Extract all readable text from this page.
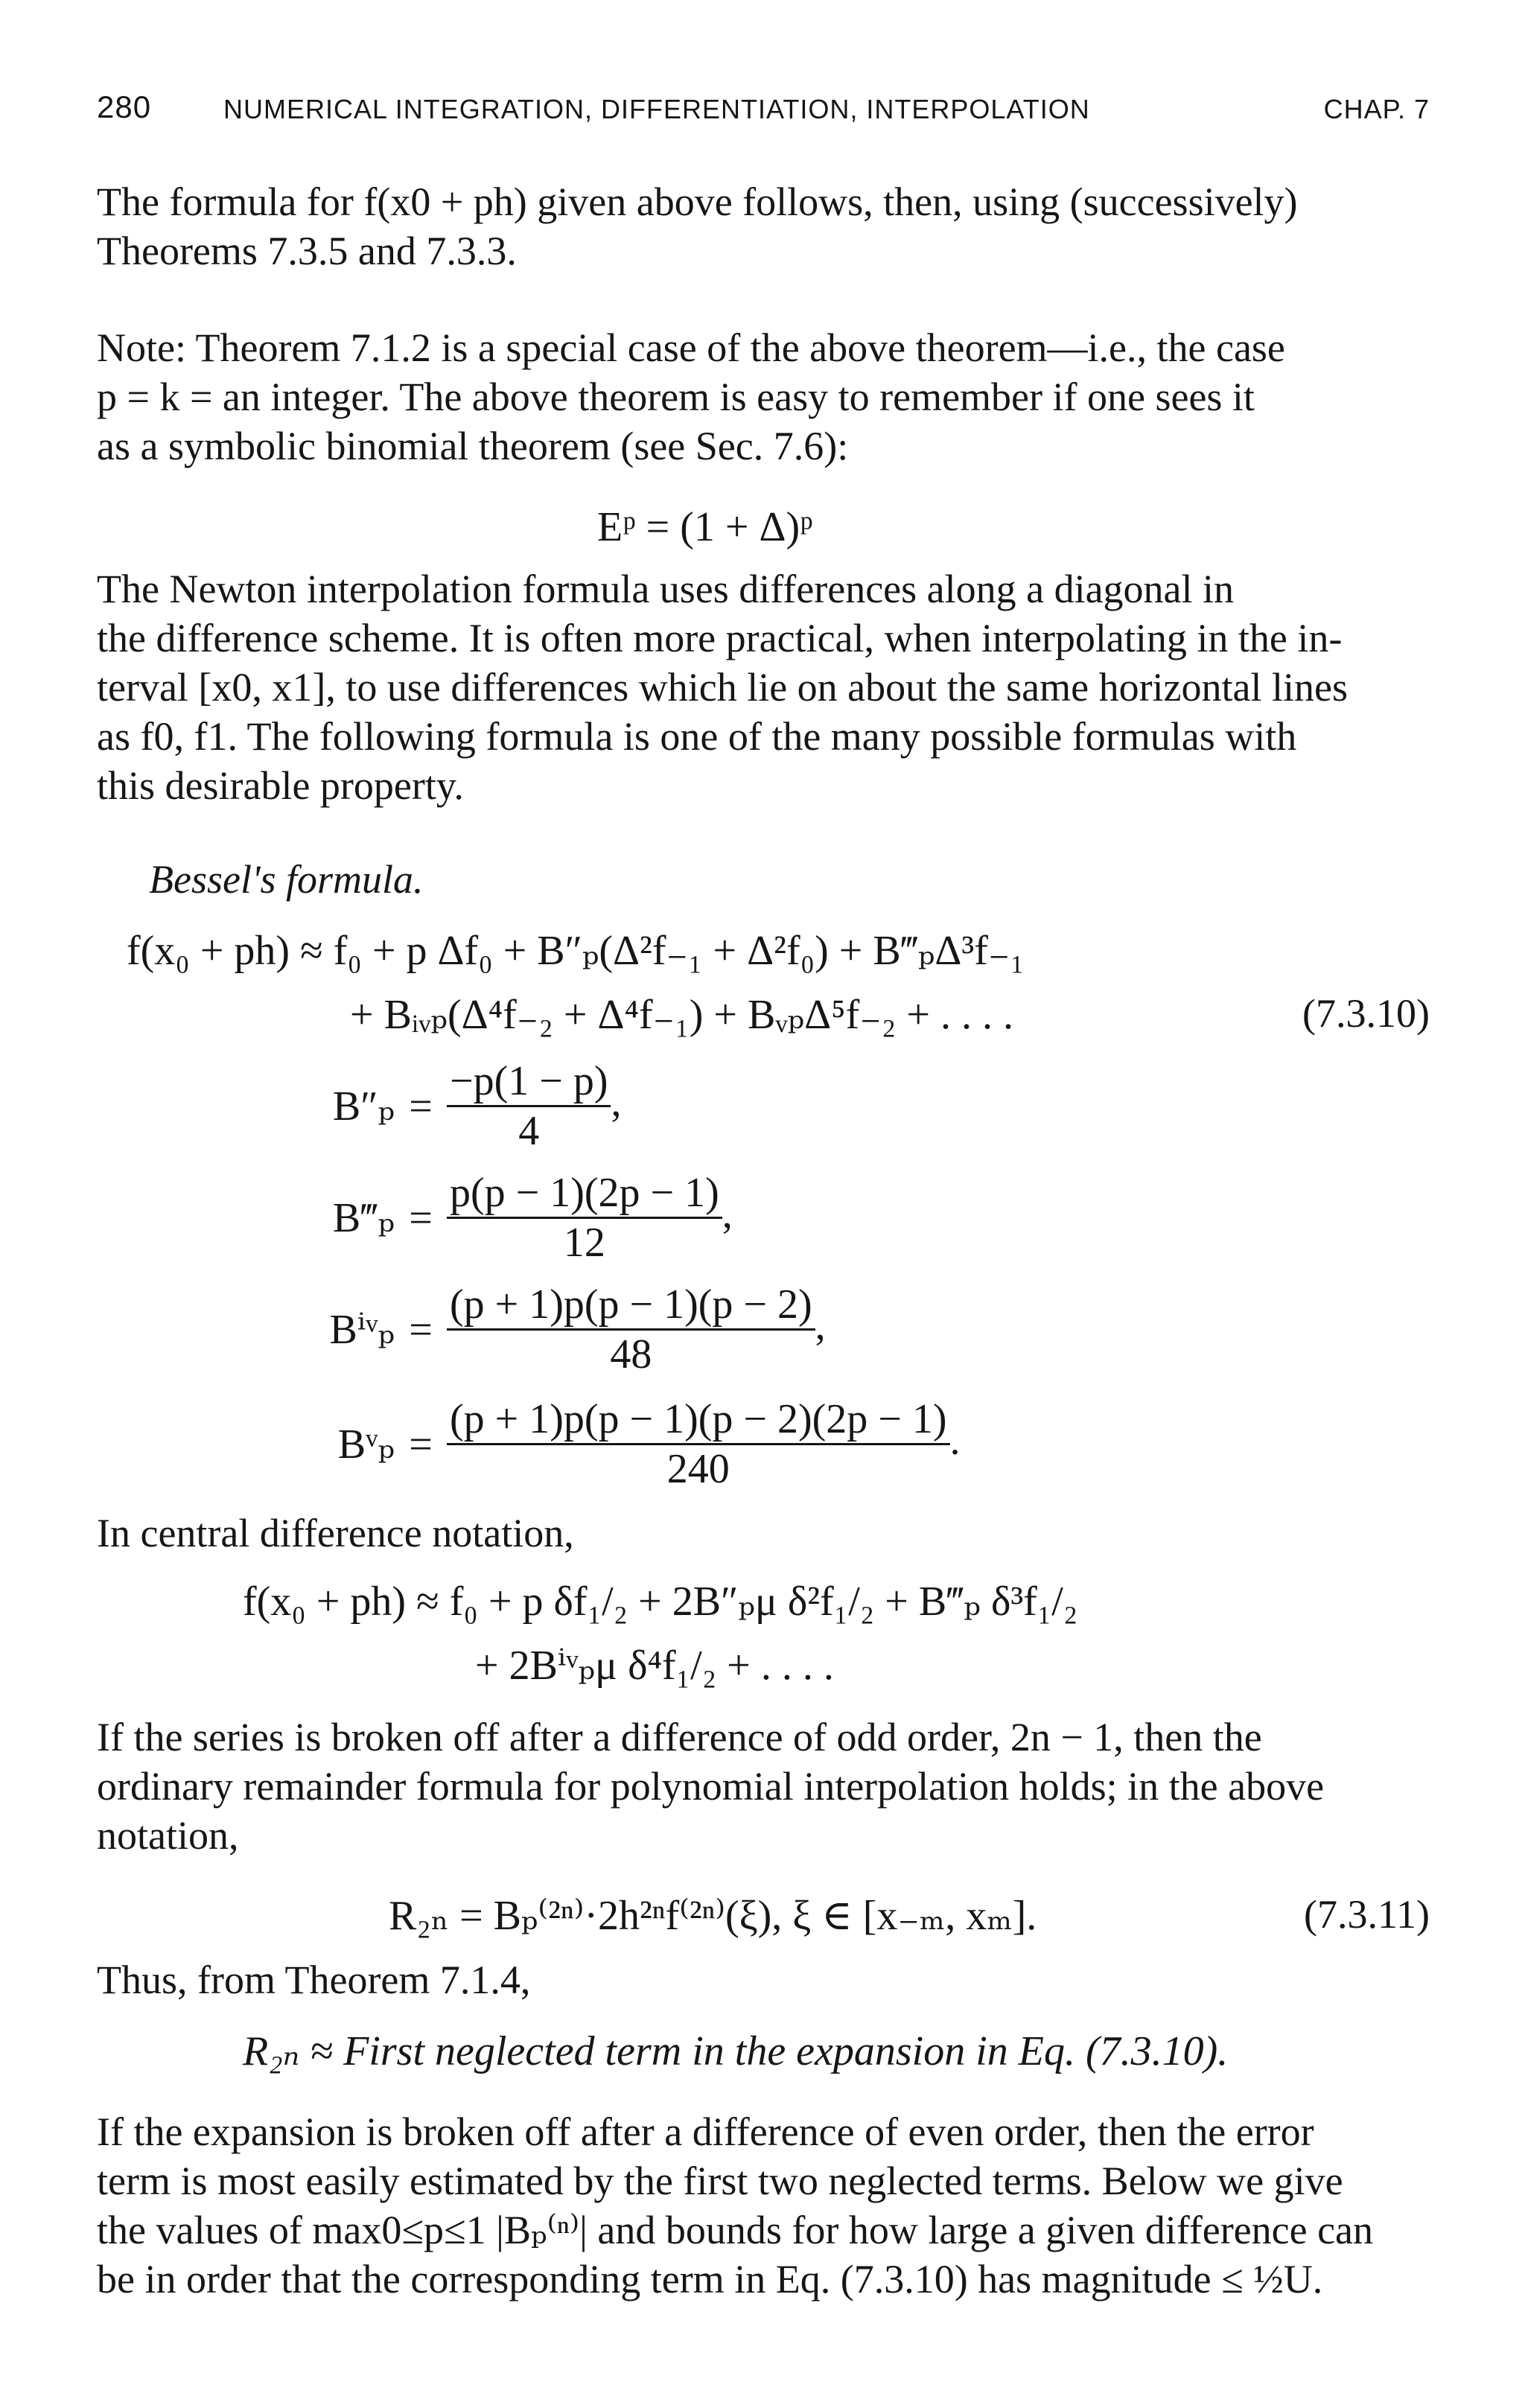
280	NUMERICAL INTEGRATION, DIFFERENTIATION, INTERPOLATION	CHAP. 7
The formula for f(x0 + ph) given above follows, then, using (successively)
Theorems 7.3.5 and 7.3.3.
Note: Theorem 7.1.2 is a special case of the above theorem—i.e., the case
p = k = an integer. The above theorem is easy to remember if one sees it
as a symbolic binomial theorem (see Sec. 7.6):
Eᵖ = (1 + Δ)ᵖ
The Newton interpolation formula uses differences along a diagonal in
the difference scheme. It is often more practical, when interpolating in the in-
terval [x0, x1], to use differences which lie on about the same horizontal lines
as f0, f1. The following formula is one of the many possible formulas with
this desirable property.
Bessel's formula.
f(x₀ + ph) ≈ f₀ + p Δf₀ + B″ₚ(Δ²f₋₁ + Δ²f₀) + B‴ₚΔ³f₋₁
+ Bᵢᵥₚ(Δ⁴f₋₂ + Δ⁴f₋₁) + BᵥₚΔ⁵f₋₂ + . . . .	(7.3.10)
$B''_p = \frac{-p(1 - p)}{4}$ ,
B‴ₚ = $\frac{p(p - 1)(2p - 1)}{12}$ ,
Bⁱᵛₚ = $\frac{(p + 1)p(p - 1)(p - 2)}{48}$ ,
Bᵛₚ = $\frac{(p + 1)p(p - 1)(p - 2)(2p - 1)}{240}$ .
In central difference notation,
f(x₀ + ph) ≈ f₀ + p δf₁/₂ + 2B″ₚμ δ²f₁/₂ + B‴ₚ δ³f₁/₂
+ 2Bⁱᵛₚμ δ⁴f₁/₂ + . . . .
If the series is broken off after a difference of odd order, 2n − 1, then the
ordinary remainder formula for polynomial interpolation holds; in the above
notation,
R₂ₙ = Bₚ⁽²ⁿ⁾·2h²ⁿf⁽²ⁿ⁾(ξ), ξ ∈ [x₋ₘ, xₘ].	(7.3.11)
Thus, from Theorem 7.1.4,
R₂ₙ ≈ First neglected term in the expansion in Eq. (7.3.10).
If the expansion is broken off after a difference of even order, then the error
term is most easily estimated by the first two neglected terms. Below we give
the values of max0≤p≤1 |Bₚ⁽ⁿ⁾| and bounds for how large a given difference can
be in order that the corresponding term in Eq. (7.3.10) has magnitude ≤ ½U.
